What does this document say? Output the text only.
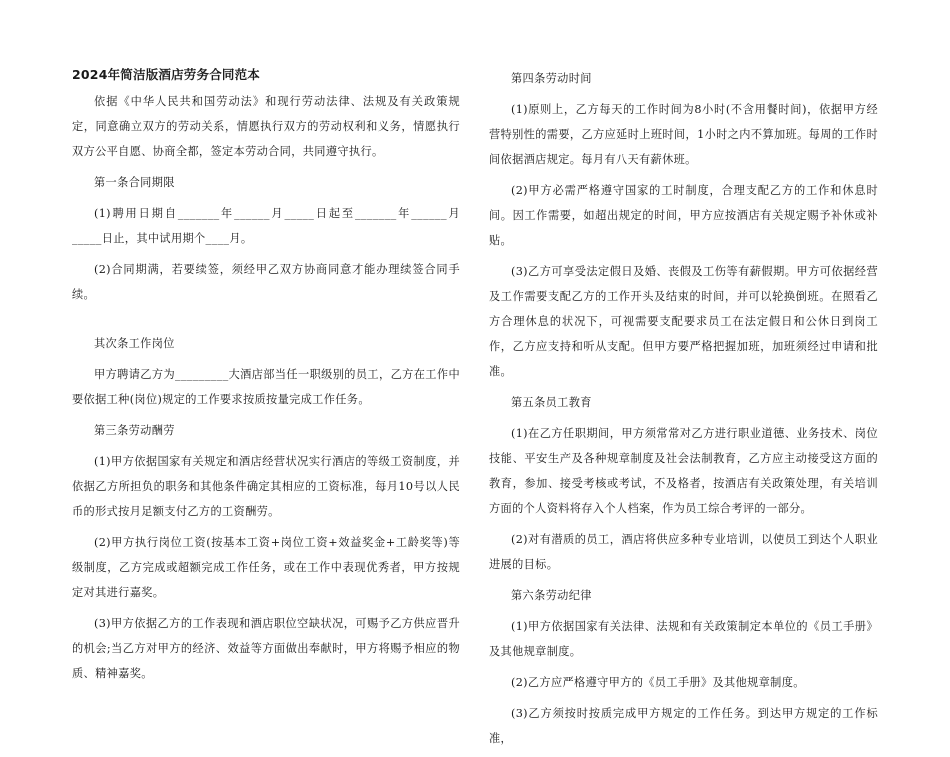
2024年简洁版酒店劳务合同范本

依据《中华人民共和国劳动法》和现行劳动法律、法规及有关政策规定，同意确立双方的劳动关系，情愿执行双方的劳动权利和义务，情愿执行双方公平自愿、协商全都，签定本劳动合同，共同遵守执行。

第一条合同期限

(1)聘用日期自_______年______月_____日起至_______年______月_____日止，其中试用期个____月。

(2)合同期满，若要续签，须经甲乙双方协商同意才能办理续签合同手续。

其次条工作岗位

甲方聘请乙方为_________大酒店部当任一职级别的员工，乙方在工作中要依据工种(岗位)规定的工作要求按质按量完成工作任务。

第三条劳动酬劳

(1)甲方依据国家有关规定和酒店经营状况实行酒店的等级工资制度，并依据乙方所担负的职务和其他条件确定其相应的工资标准，每月10号以人民币的形式按月足额支付乙方的工资酬劳。

(2)甲方执行岗位工资(按基本工资+岗位工资+效益奖金+工龄奖等)等级制度，乙方完成或超额完成工作任务，或在工作中表现优秀者，甲方按规定对其进行嘉奖。

(3)甲方依据乙方的工作表现和酒店职位空缺状况，可赐予乙方供应晋升的机会;当乙方对甲方的经济、效益等方面做出奉献时，甲方将赐予相应的物质、精神嘉奖。

第四条劳动时间

(1)原则上，乙方每天的工作时间为8小时(不含用餐时间)，依据甲方经营特别性的需要，乙方应延时上班时间，1小时之内不算加班。每周的工作时间依据酒店规定。每月有八天有薪休班。

(2)甲方必需严格遵守国家的工时制度，合理支配乙方的工作和休息时间。因工作需要，如超出规定的时间，甲方应按酒店有关规定赐予补休或补贴。

(3)乙方可享受法定假日及婚、丧假及工伤等有薪假期。甲方可依据经营及工作需要支配乙方的工作开头及结束的时间，并可以轮换倒班。在照看乙方合理休息的状况下，可视需要支配要求员工在法定假日和公休日到岗工作，乙方应支持和听从支配。但甲方要严格把握加班，加班须经过申请和批准。

第五条员工教育

(1)在乙方任职期间，甲方须常常对乙方进行职业道德、业务技术、岗位技能、平安生产及各种规章制度及社会法制教育，乙方应主动接受这方面的教育，参加、接受考核或考试，不及格者，按酒店有关政策处理，有关培训方面的个人资料将存入个人档案，作为员工综合考评的一部分。

(2)对有潜质的员工，酒店将供应多种专业培训，以使员工到达个人职业进展的目标。

第六条劳动纪律

(1)甲方依据国家有关法律、法规和有关政策制定本单位的《员工手册》及其他规章制度。

(2)乙方应严格遵守甲方的《员工手册》及其他规章制度。

(3)乙方须按时按质完成甲方规定的工作任务。到达甲方规定的工作标准，
